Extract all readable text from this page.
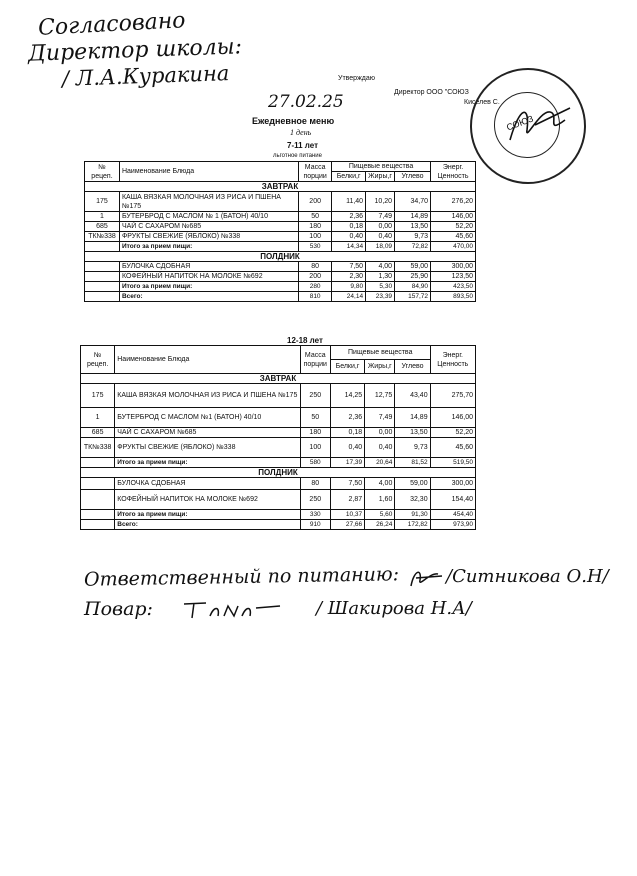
Согласовано
Директор школы:
/ Л.А.Куракина	Утверждаю
Директор ООО "СОЮЗ
Киселев С.
СОЮЗ
27.02.25
Ежедневное меню
1 день
7-11 лет
льготное питание
№ рецеп.	Наименование Блюда	Масса порции	Пищевые вещества			Энерг. Ценность
			Белки,г	Жиры,г	Углево	
ЗАВТРАК						
175	КАША ВЯЗКАЯ МОЛОЧНАЯ ИЗ РИСА И ПШЕНА №175	200	11,40	10,20	34,70	276,20
1	БУТЕРБРОД С МАСЛОМ № 1 (БАТОН) 40/10	50	2,36	7,49	14,89	146,00
685	ЧАЙ С САХАРОМ №685	180	0,18	0,00	13,50	52,20
ТК№338	ФРУКТЫ СВЕЖИЕ (ЯБЛОКО) №338	100	0,40	0,40	9,73	45,60
	Итого за прием пищи:	530	14,34	18,09	72,82	470,00
ПОЛДНИК						
	БУЛОЧКА СДОБНАЯ	80	7,50	4,00	59,00	300,00
	КОФЕЙНЫЙ НАПИТОК НА МОЛОКЕ №692	200	2,30	1,30	25,90	123,50
	Итого за прием пищи:	280	9,80	5,30	84,90	423,50
	Всего:	810	24,14	23,39	157,72	893,50
12-18 лет
№ рецеп.	Наименование Блюда	Масса порции	Пищевые вещества			Энерг. Ценность
			Белки,г	Жиры,г	Углево	
ЗАВТРАК						
175	КАША ВЯЗКАЯ МОЛОЧНАЯ ИЗ РИСА И ПШЕНА №175	250	14,25	12,75	43,40	275,70
1	БУТЕРБРОД С МАСЛОМ №1 (БАТОН) 40/10	50	2,36	7,49	14,89	146,00
685	ЧАЙ С САХАРОМ №685	180	0,18	0,00	13,50	52,20
ТК№338	ФРУКТЫ СВЕЖИЕ (ЯБЛОКО) №338	100	0,40	0,40	9,73	45,60
	Итого за прием пищи:	580	17,39	20,64	81,52	519,50
ПОЛДНИК						
	БУЛОЧКА СДОБНАЯ	80	7,50	4,00	59,00	300,00
	КОФЕЙНЫЙ НАПИТОК НА МОЛОКЕ №692	250	2,87	1,60	32,30	154,40
	Итого за прием пищи:	330	10,37	5,60	91,30	454,40
	Всего:	910	27,66	26,24	172,82	973,90
Ответственный по питанию:	/Ситникова О.Н/
Повар:	/ Шакирова Н.А/
